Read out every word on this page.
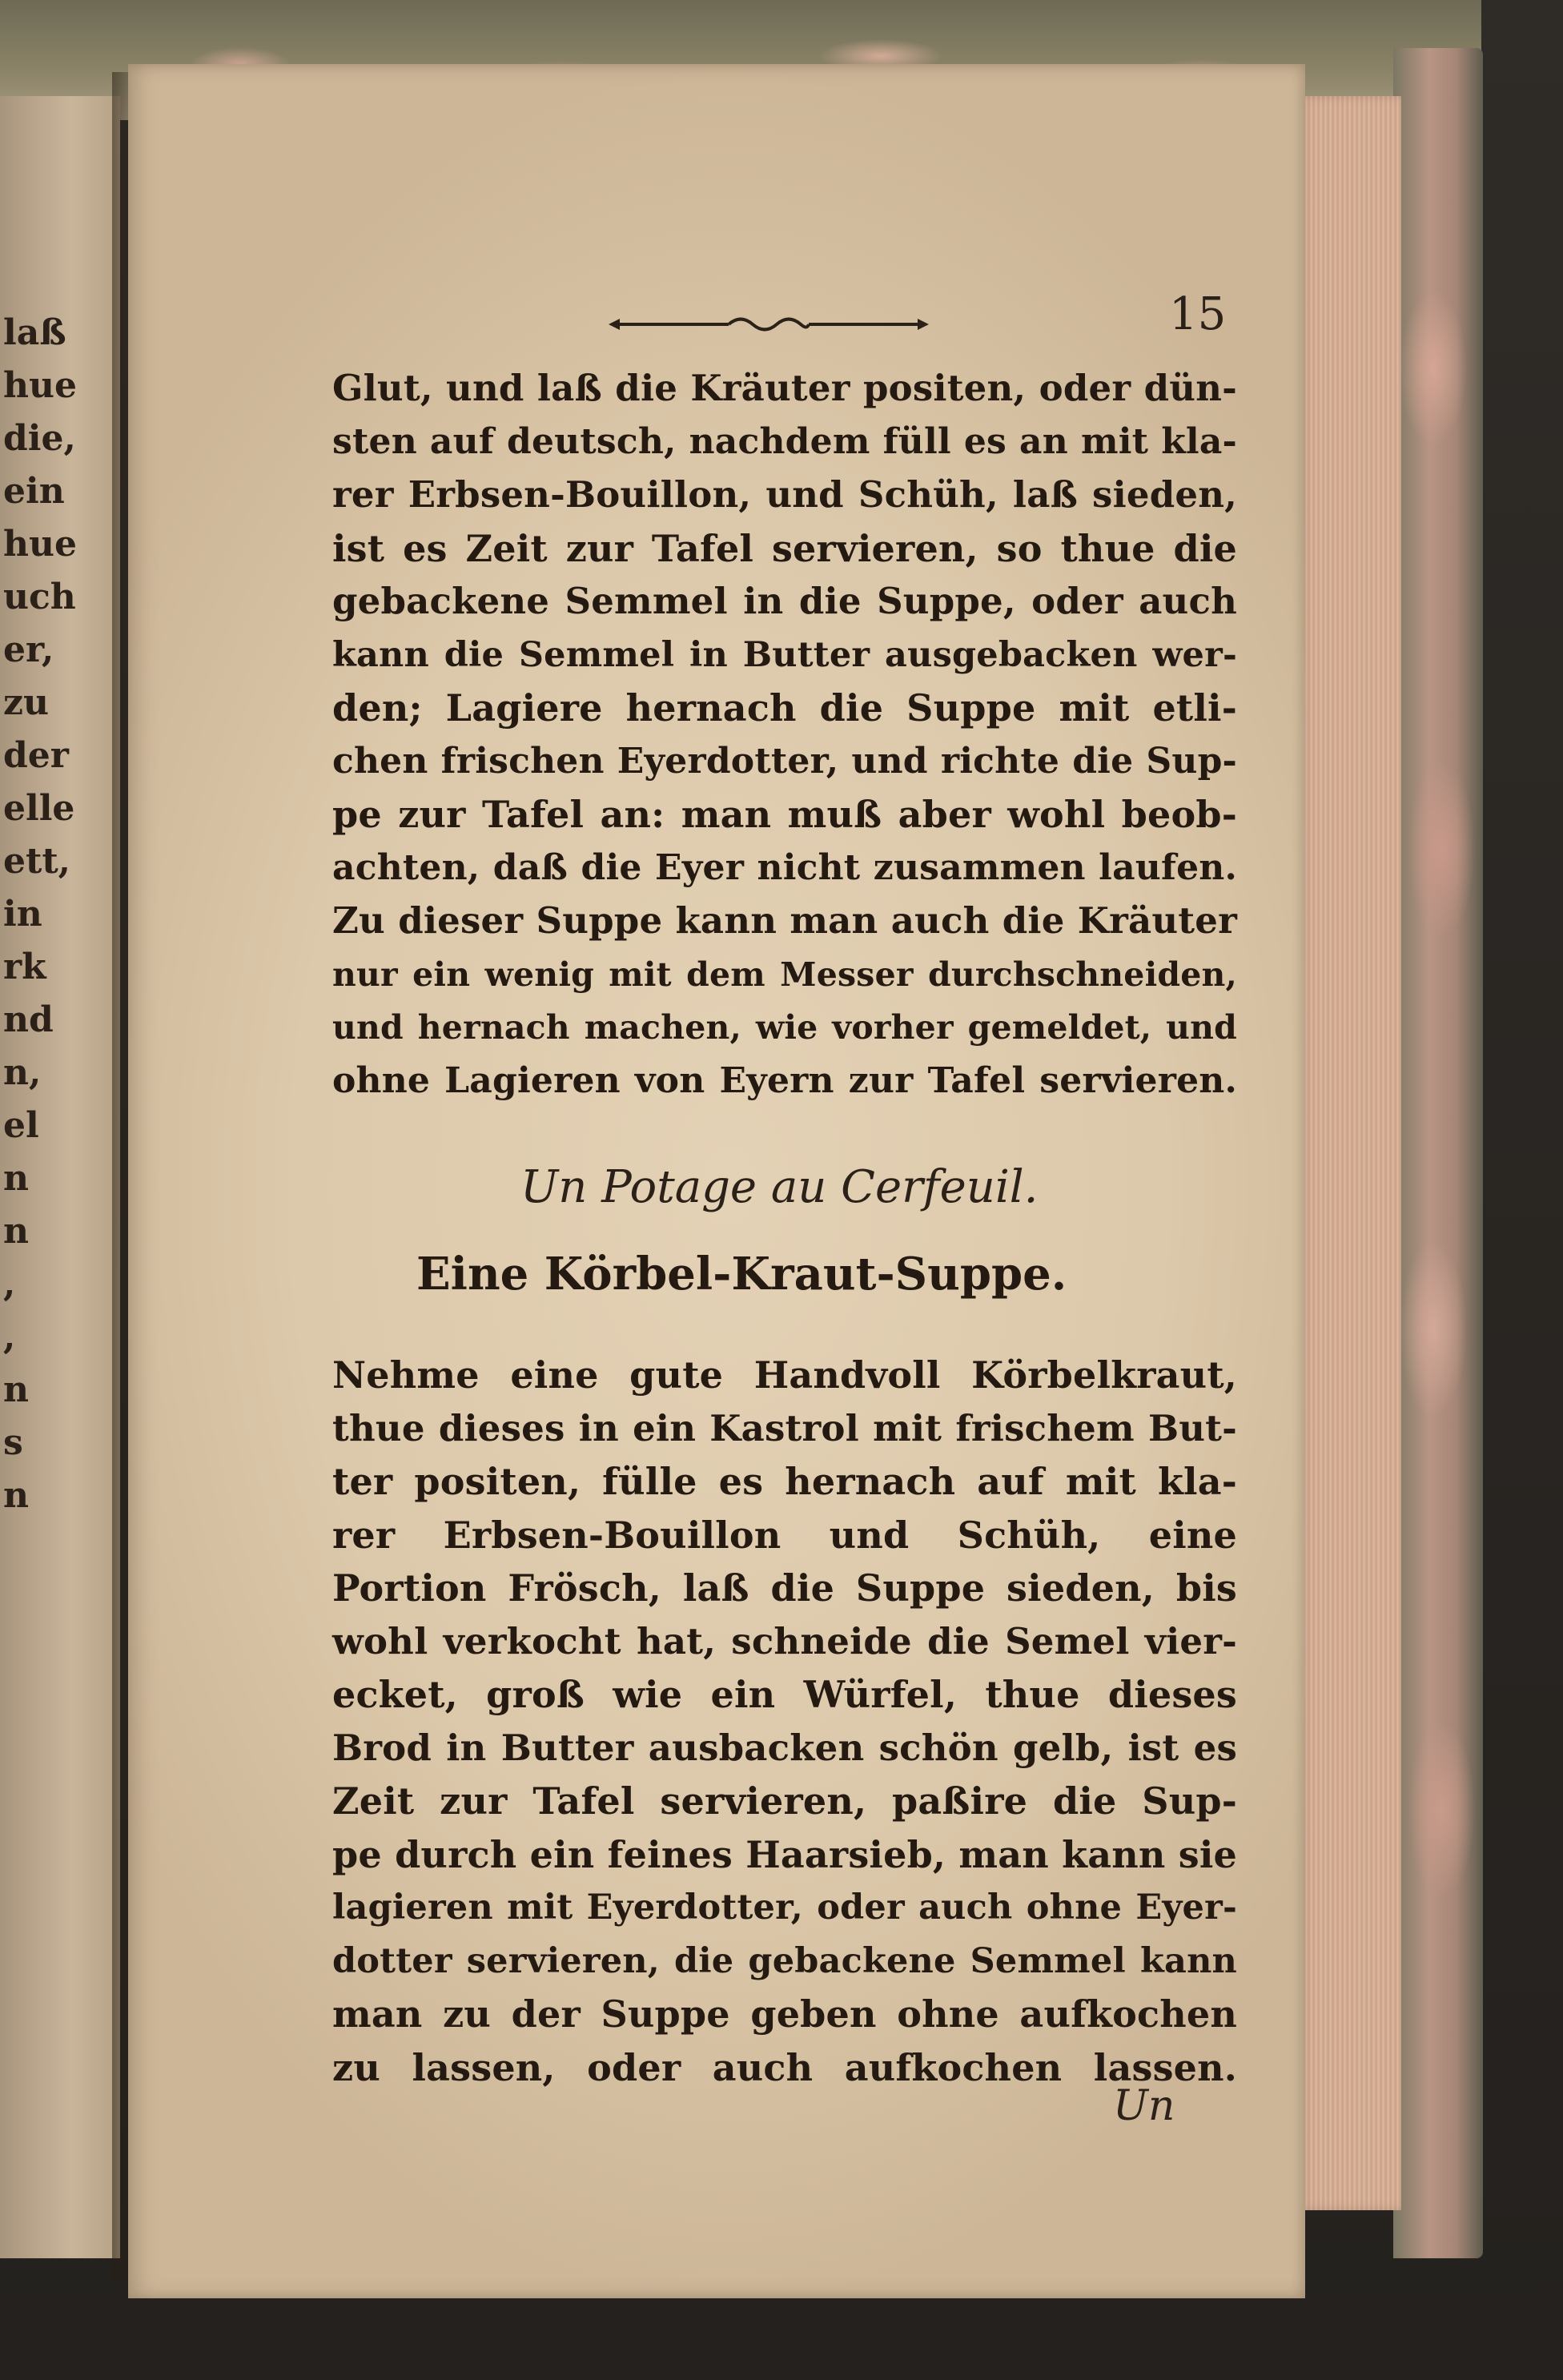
laß
hue
die,
ein
hue
uch
er,
zu
der
elle
ett,
in
rk
nd
n,
el
n
n
,
,
n
s
n
15
Glut, und laß die Kräuter positen, oder dün-
sten auf deutsch, nachdem füll es an mit kla-
rer Erbsen-Bouillon, und Schüh, laß sieden,
ist es Zeit zur Tafel servieren, so thue die
gebackene Semmel in die Suppe, oder auch
kann die Semmel in Butter ausgebacken wer-
den; Lagiere hernach die Suppe mit etli-
chen frischen Eyerdotter, und richte die Sup-
pe zur Tafel an: man muß aber wohl beob-
achten, daß die Eyer nicht zusammen laufen.
Zu dieser Suppe kann man auch die Kräuter
nur ein wenig mit dem Messer durchschneiden,
und hernach machen, wie vorher gemeldet, und
ohne Lagieren von Eyern zur Tafel servieren.
Un Potage au Cerfeuil.
Eine Körbel-Kraut-Suppe.
Nehme eine gute Handvoll Körbelkraut,
thue dieses in ein Kastrol mit frischem But-
ter positen, fülle es hernach auf mit kla-
rer Erbsen-Bouillon und Schüh, eine
Portion Frösch, laß die Suppe sieden, bis
wohl verkocht hat, schneide die Semel vier-
ecket, groß wie ein Würfel, thue dieses
Brod in Butter ausbacken schön gelb, ist es
Zeit zur Tafel servieren, paßire die Sup-
pe durch ein feines Haarsieb, man kann sie
lagieren mit Eyerdotter, oder auch ohne Eyer-
dotter servieren, die gebackene Semmel kann
man zu der Suppe geben ohne aufkochen
zu lassen, oder auch aufkochen lassen.
Un
